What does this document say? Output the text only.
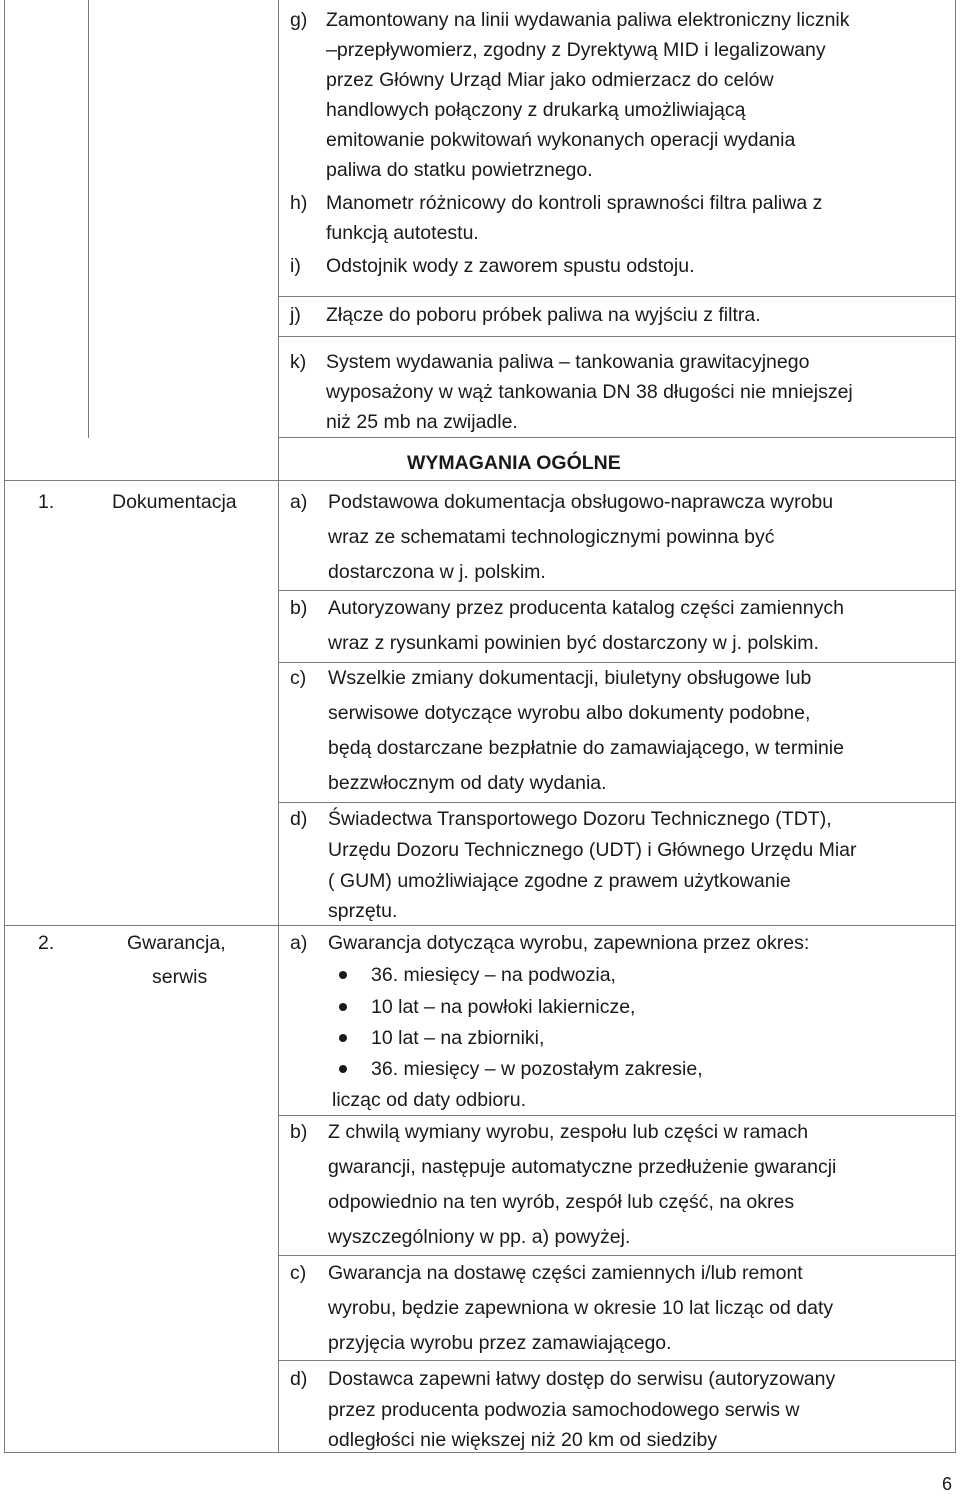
g) Zamontowany na linii wydawania paliwa elektroniczny licznik
–przepływomierz, zgodny z Dyrektywą MID i legalizowany
przez Główny Urząd Miar jako odmierzacz do celów
handlowych połączony z drukarką umożliwiającą
emitowanie pokwitowań wykonanych operacji wydania
paliwa do statku powietrznego.
h) Manometr różnicowy do kontroli sprawności filtra paliwa z
funkcją autotestu.
i) Odstojnik wody z zaworem spustu odstoju.
j) Złącze do poboru próbek paliwa na wyjściu z filtra.
k) System wydawania paliwa – tankowania grawitacyjnego
wyposażony w wąż tankowania DN 38 długości nie mniejszej
niż 25 mb na zwijadle.
WYMAGANIA OGÓLNE
1.	Dokumentacja	a) Podstawowa dokumentacja obsługowo-naprawcza wyrobu
wraz ze schematami technologicznymi powinna być
dostarczona w j. polskim.
b) Autoryzowany przez producenta katalog części zamiennych
wraz z rysunkami powinien być dostarczony w j. polskim.
c) Wszelkie zmiany dokumentacji, biuletyny obsługowe lub
serwisowe dotyczące wyrobu albo dokumenty podobne,
będą dostarczane bezpłatnie do zamawiającego, w terminie
bezzwłocznym od daty wydania.
d) Świadectwa Transportowego Dozoru Technicznego (TDT),
Urzędu Dozoru Technicznego (UDT) i Głównego Urzędu Miar
( GUM) umożliwiające zgodne z prawem użytkowanie
sprzętu.
2.	Gwarancja,
serwis
a) Gwarancja dotycząca wyrobu, zapewniona przez okres:
36. miesięcy – na podwozia,
10 lat – na powłoki lakiernicze,
10 lat – na zbiorniki,
36. miesięcy – w pozostałym zakresie,
licząc od daty odbioru.
b) Z chwilą wymiany wyrobu, zespołu lub części w ramach
gwarancji, następuje automatyczne przedłużenie gwarancji
odpowiednio na ten wyrób, zespół lub część, na okres
wyszczególniony w pp. a) powyżej.
c) Gwarancja na dostawę części zamiennych i/lub remont
wyrobu, będzie zapewniona w okresie 10 lat licząc od daty
przyjęcia wyrobu przez zamawiającego.
d) Dostawca zapewni łatwy dostęp do serwisu (autoryzowany
przez producenta podwozia samochodowego serwis w
odległości nie większej niż 20 km od siedziby
6
